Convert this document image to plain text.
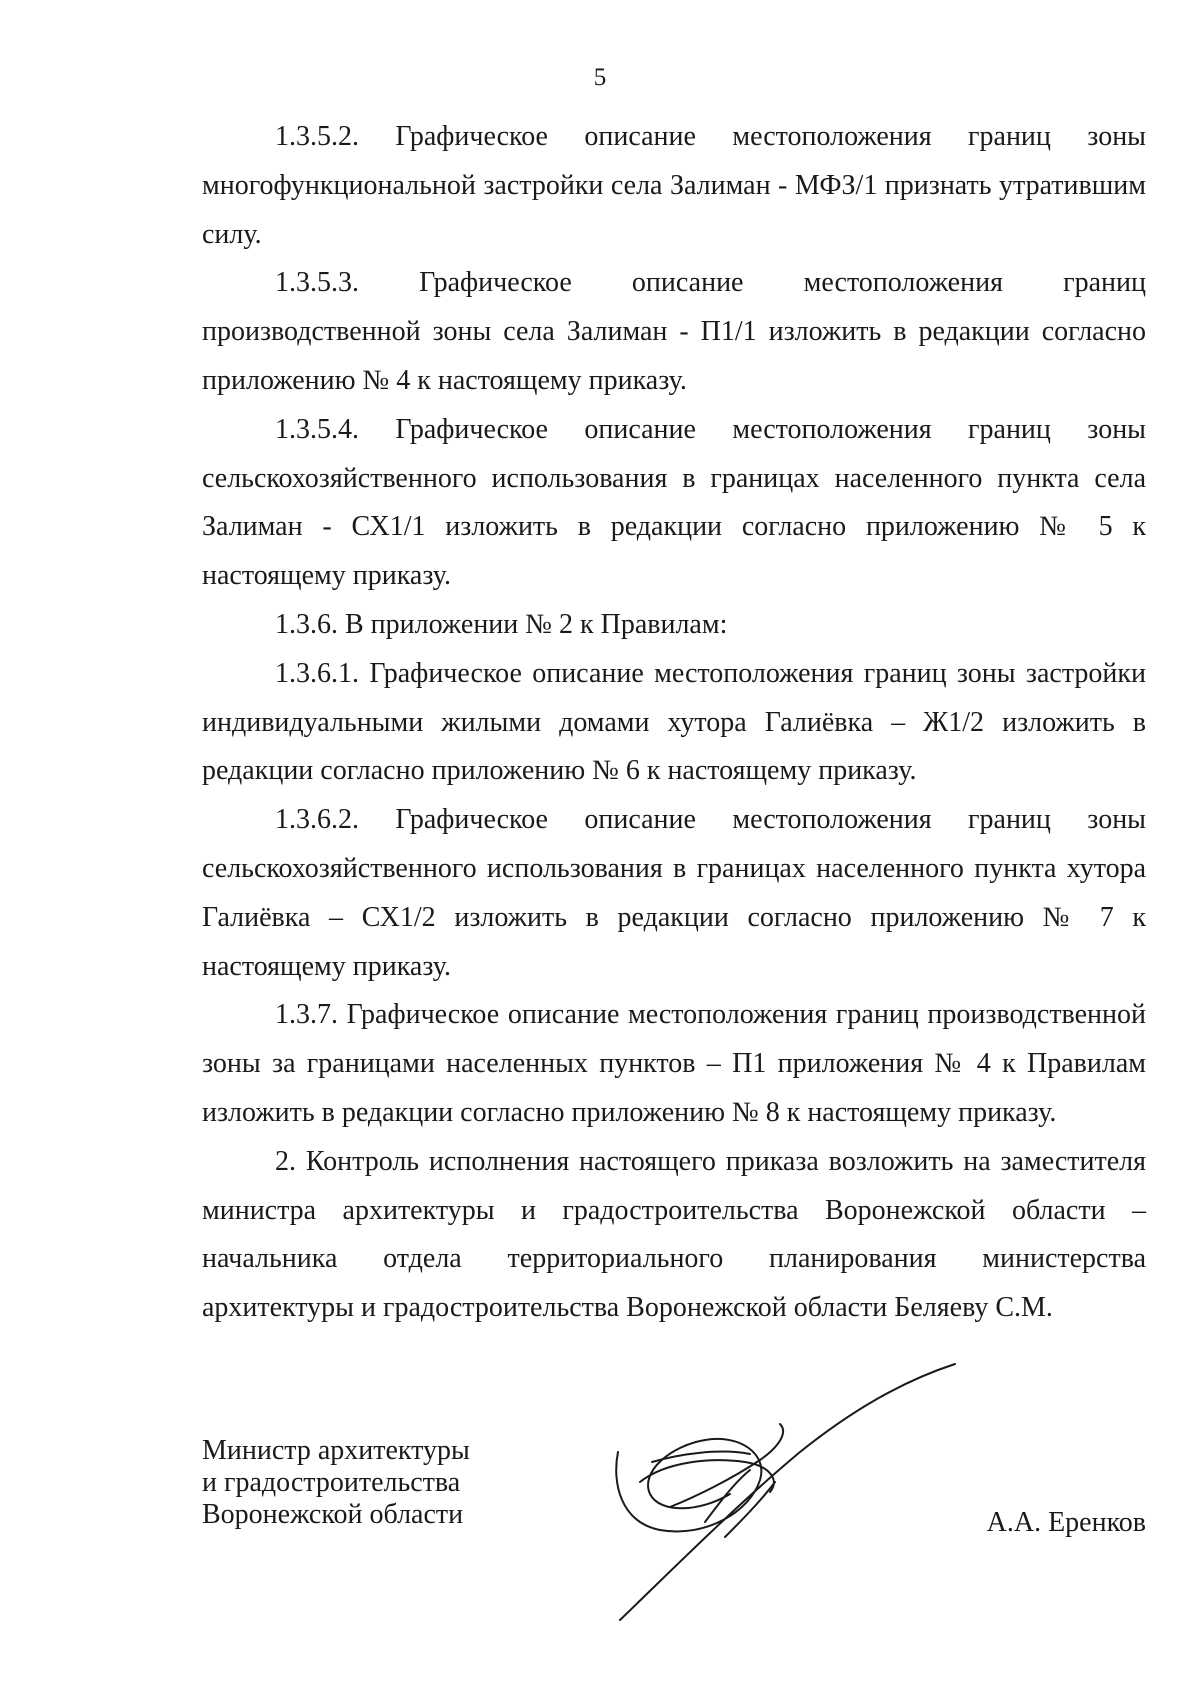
5

1.3.5.2. Графическое описание местоположения границ зоны многофункциональной застройки села Залиман - МФЗ/1 признать утратившим силу.

1.3.5.3. Графическое описание местоположения границ производственной зоны села Залиман - П1/1 изложить в редакции согласно приложению № 4 к настоящему приказу.

1.3.5.4. Графическое описание местоположения границ зоны сельскохозяйственного использования в границах населенного пункта села Залиман - СХ1/1 изложить в редакции согласно приложению № 5 к настоящему приказу.

1.3.6. В приложении № 2 к Правилам:

1.3.6.1. Графическое описание местоположения границ зоны застройки индивидуальными жилыми домами хутора Галиёвка – Ж1/2 изложить в редакции согласно приложению № 6 к настоящему приказу.

1.3.6.2. Графическое описание местоположения границ зоны сельскохозяйственного использования в границах населенного пункта хутора Галиёвка – СХ1/2 изложить в редакции согласно приложению № 7 к настоящему приказу.

1.3.7. Графическое описание местоположения границ производственной зоны за границами населенных пунктов – П1 приложения № 4 к Правилам изложить в редакции согласно приложению № 8 к настоящему приказу.

2. Контроль исполнения настоящего приказа возложить на заместителя министра архитектуры и градостроительства Воронежской области – начальника отдела территориального планирования министерства архитектуры и градостроительства Воронежской области Беляеву С.М.

Министр архитектуры
и градостроительства
Воронежской области	А.А. Еренков
